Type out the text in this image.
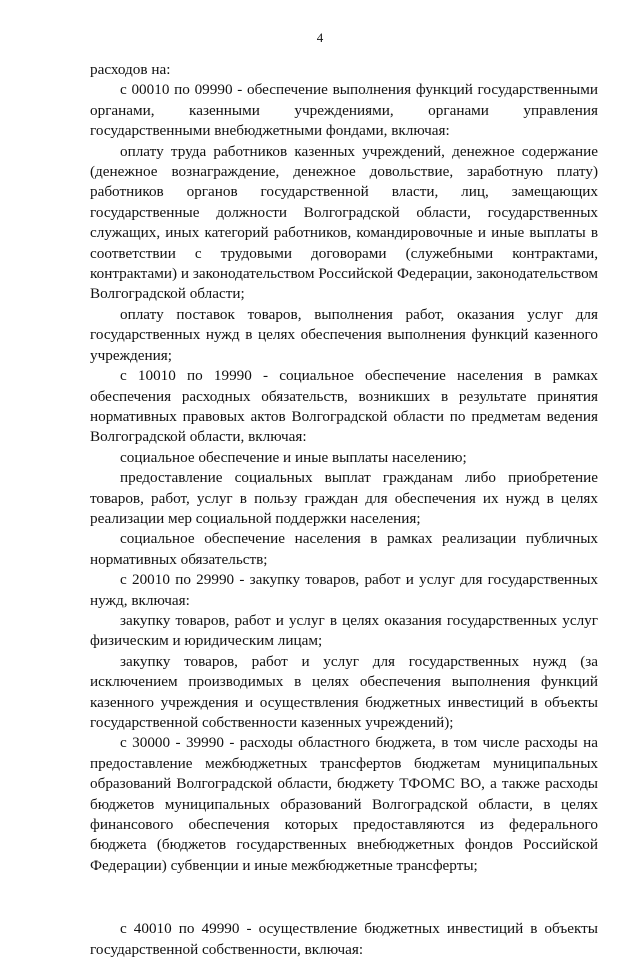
4

расходов на:

с 00010 по 09990 - обеспечение выполнения функций государственными органами, казенными учреждениями, органами управления государственными внебюджетными фондами, включая:

оплату труда работников казенных учреждений, денежное содержание (денежное вознаграждение, денежное довольствие, заработную плату) работников органов государственной власти, лиц, замещающих государственные должности Волгоградской области, государственных служащих, иных категорий работников, командировочные и иные выплаты в соответствии с трудовыми договорами (служебными контрактами, контрактами) и законодательством Российской Федерации, законодательством Волгоградской области;

оплату поставок товаров, выполнения работ, оказания услуг для государственных нужд в целях обеспечения выполнения функций казенного учреждения;

с 10010 по 19990 - социальное обеспечение населения в рамках обеспечения расходных обязательств, возникших в результате принятия нормативных правовых актов Волгоградской области по предметам ведения Волгоградской области, включая:

социальное обеспечение и иные выплаты населению;

предоставление социальных выплат гражданам либо приобретение товаров, работ, услуг в пользу граждан для обеспечения их нужд в целях реализации мер социальной поддержки населения;

социальное обеспечение населения в рамках реализации публичных нормативных обязательств;

с 20010 по 29990 - закупку товаров, работ и услуг для государственных нужд, включая:

закупку товаров, работ и услуг в целях оказания государственных услуг физическим и юридическим лицам;

закупку товаров, работ и услуг для государственных нужд (за исключением производимых в целях обеспечения выполнения функций казенного учреждения и осуществления бюджетных инвестиций в объекты государственной собственности казенных учреждений);

с 30000 - 39990 - расходы областного бюджета, в том числе расходы на предоставление межбюджетных трансфертов бюджетам муниципальных образований Волгоградской области, бюджету ТФОМС ВО, а также расходы бюджетов муниципальных образований Волгоградской области, в целях финансового обеспечения которых предоставляются из федерального бюджета (бюджетов государственных внебюджетных фондов Российской Федерации) субвенции и иные межбюджетные трансферты;

с 40010 по 49990 - осуществление бюджетных инвестиций в объекты государственной собственности, включая:
